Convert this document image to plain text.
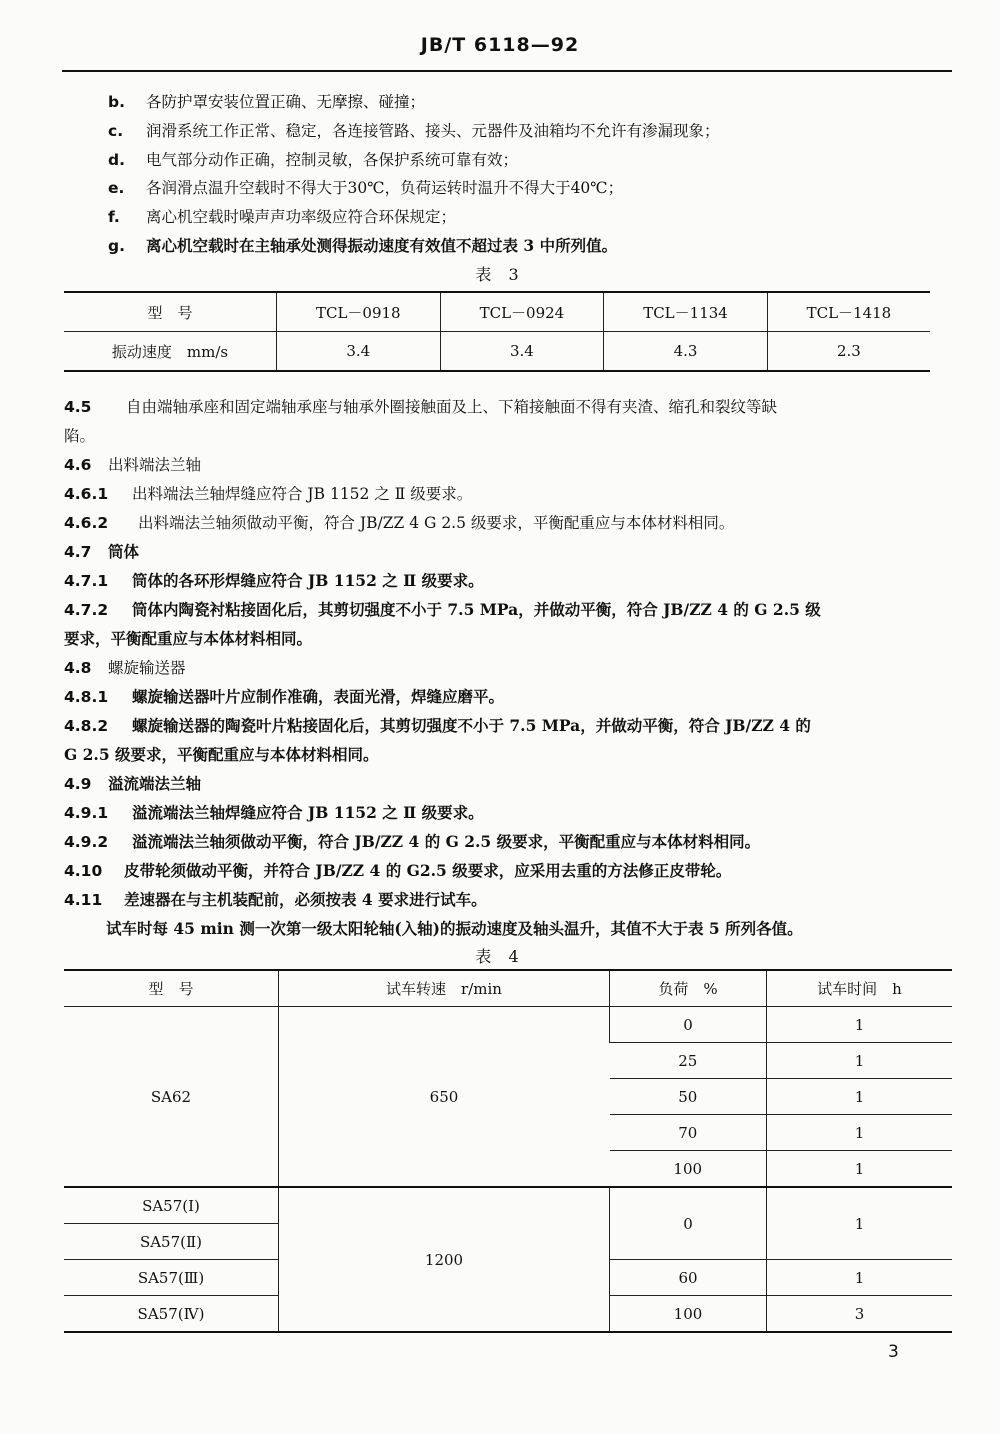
JB/T 6118—92
b. 各防护罩安装位置正确、无摩擦、碰撞；
c. 润滑系统工作正常、稳定，各连接管路、接头、元器件及油箱均不允许有渗漏现象；
d. 电气部分动作正确，控制灵敏，各保护系统可靠有效；
e. 各润滑点温升空载时不得大于30℃，负荷运转时温升不得大于40℃；
f. 离心机空载时噪声声功率级应符合环保规定；
g. 离心机空载时在主轴承处测得振动速度有效值不超过表 3 中所列值。
表 3
型　号	TCL－0918	TCL－0924	TCL－1134	TCL－1418
振动速度　mm/s	3.4	3.4	4.3	2.3
4.5 自由端轴承座和固定端轴承座与轴承外圈接触面及上、下箱接触面不得有夹渣、缩孔和裂纹等缺
陷。
4.6 出料端法兰轴
4.6.1 出料端法兰轴焊缝应符合 JB 1152 之 Ⅱ 级要求。
4.6.2 出料端法兰轴须做动平衡，符合 JB/ZZ 4 G 2.5 级要求，平衡配重应与本体材料相同。
4.7 筒体
4.7.1 筒体的各环形焊缝应符合 JB 1152 之 Ⅱ 级要求。
4.7.2 筒体内陶瓷衬粘接固化后，其剪切强度不小于 7.5 MPa，并做动平衡，符合 JB/ZZ 4 的 G 2.5 级
要求，平衡配重应与本体材料相同。
4.8 螺旋输送器
4.8.1 螺旋输送器叶片应制作准确，表面光滑，焊缝应磨平。
4.8.2 螺旋输送器的陶瓷叶片粘接固化后，其剪切强度不小于 7.5 MPa，并做动平衡，符合 JB/ZZ 4 的
G 2.5 级要求，平衡配重应与本体材料相同。
4.9 溢流端法兰轴
4.9.1 溢流端法兰轴焊缝应符合 JB 1152 之 Ⅱ 级要求。
4.9.2 溢流端法兰轴须做动平衡，符合 JB/ZZ 4 的 G 2.5 级要求，平衡配重应与本体材料相同。
4.10 皮带轮须做动平衡，并符合 JB/ZZ 4 的 G2.5 级要求，应采用去重的方法修正皮带轮。
4.11 差速器在与主机装配前，必须按表 4 要求进行试车。
试车时每 45 min 测一次第一级太阳轮轴(入轴)的振动速度及轴头温升，其值不大于表 5 所列各值。
表 4
型　号	试车转速　r/min	负荷　%	试车时间　h
SA62	650	0	1
		25	1
		50	1
		70	1
		100	1
SA57(Ⅰ)	1200	0	1
SA57(Ⅱ)			
SA57(Ⅲ)		60	1
SA57(Ⅳ)		100	3
3
